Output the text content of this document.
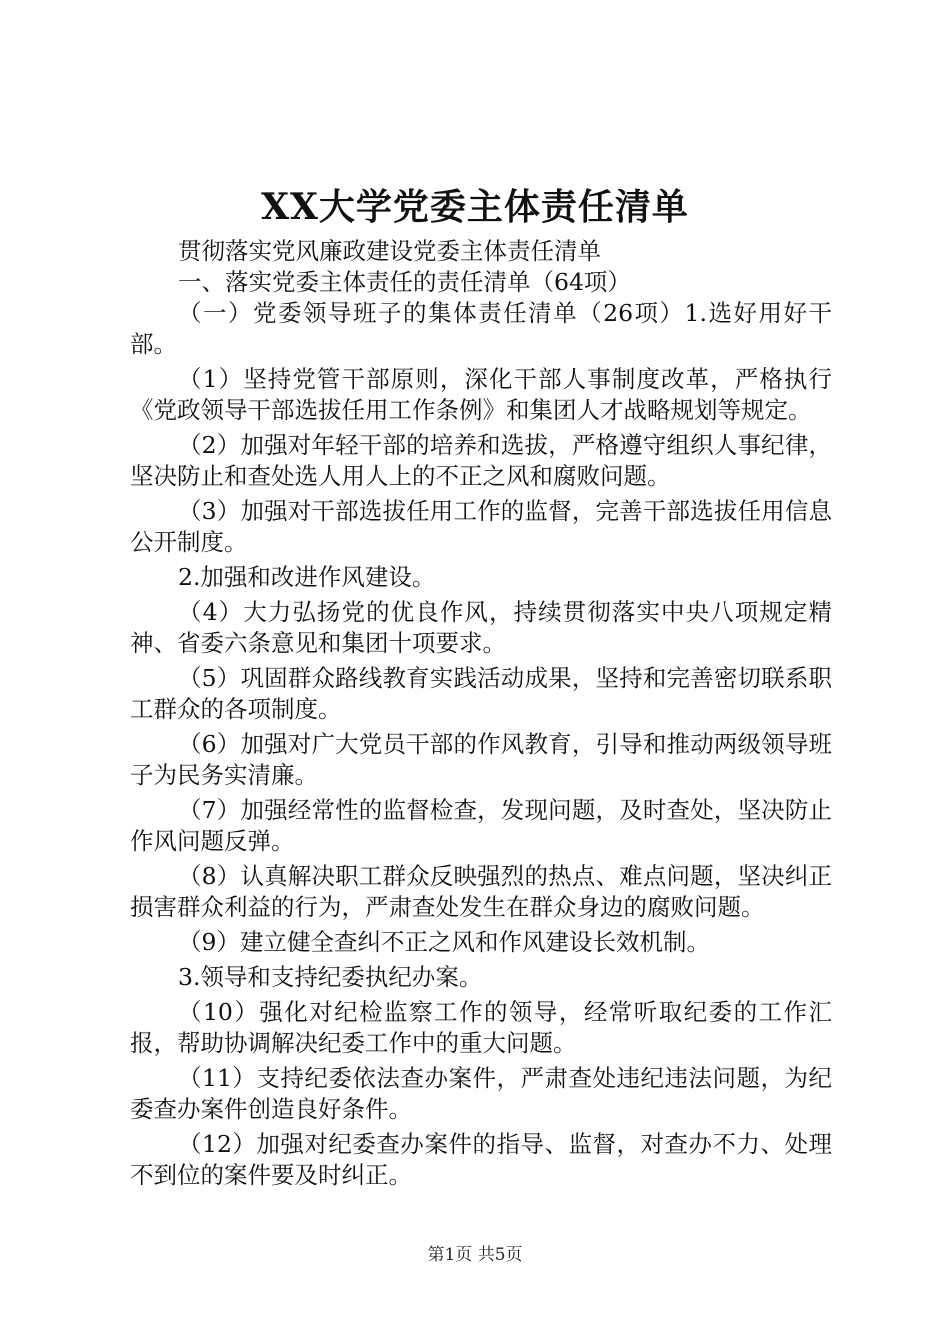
XX大学党委主体责任清单

贯彻落实党风廉政建设党委主体责任清单

一、落实党委主体责任的责任清单（64项）

（一）党委领导班子的集体责任清单（26项）1.选好用好干部。

（1）坚持党管干部原则，深化干部人事制度改革，严格执行《党政领导干部选拔任用工作条例》和集团人才战略规划等规定。

（2）加强对年轻干部的培养和选拔，严格遵守组织人事纪律，坚决防止和查处选人用人上的不正之风和腐败问题。

（3）加强对干部选拔任用工作的监督，完善干部选拔任用信息公开制度。

2.加强和改进作风建设。

（4）大力弘扬党的优良作风，持续贯彻落实中央八项规定精神、省委六条意见和集团十项要求。

（5）巩固群众路线教育实践活动成果，坚持和完善密切联系职工群众的各项制度。

（6）加强对广大党员干部的作风教育，引导和推动两级领导班子为民务实清廉。

（7）加强经常性的监督检查，发现问题，及时查处，坚决防止作风问题反弹。

（8）认真解决职工群众反映强烈的热点、难点问题，坚决纠正损害群众利益的行为，严肃查处发生在群众身边的腐败问题。

（9）建立健全查纠不正之风和作风建设长效机制。

3.领导和支持纪委执纪办案。

（10）强化对纪检监察工作的领导，经常听取纪委的工作汇报，帮助协调解决纪委工作中的重大问题。

（11）支持纪委依法查办案件，严肃查处违纪违法问题，为纪委查办案件创造良好条件。

（12）加强对纪委查办案件的指导、监督，对查办不力、处理不到位的案件要及时纠正。

第1页 共5页
